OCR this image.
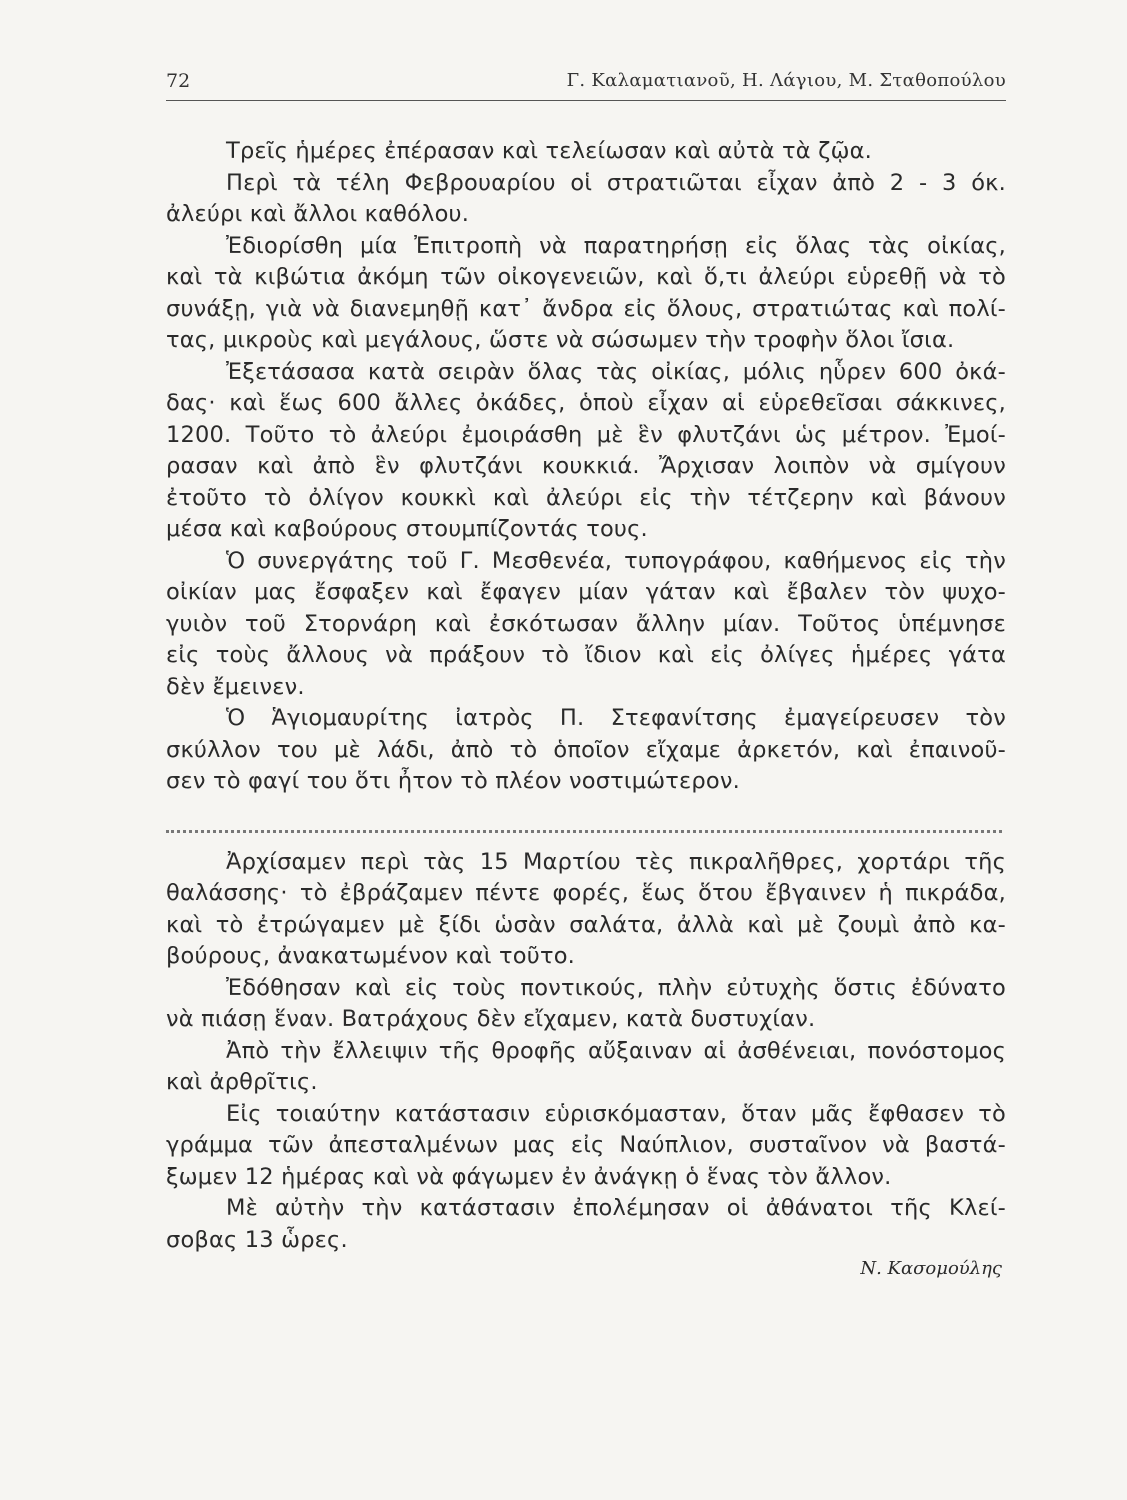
72	Γ. Καλαματιανοῦ, Η. Λάγιου, Μ. Σταθοπούλου
Τρεῖς ἡμέρες ἐπέρασαν καὶ τελείωσαν καὶ αὐτὰ τὰ ζῷα.
Περὶ τὰ τέλη Φεβρουαρίου οἱ στρατιῶται εἶχαν ἀπὸ 2 - 3 όκ.
ἀλεύρι καὶ ἄλλοι καθόλου.
Ἐδιορίσθη μία Ἐπιτροπὴ νὰ παρατηρήσῃ εἰς ὅλας τὰς οἰκίας,
καὶ τὰ κιβώτια ἀκόμη τῶν οἰκογενειῶν, καὶ ὅ,τι ἀλεύρι εὑρεθῇ νὰ τὸ
συνάξῃ, γιὰ νὰ διανεμηθῇ κατ᾽ ἄνδρα εἰς ὅλους, στρατιώτας καὶ πολί-
τας, μικροὺς καὶ μεγάλους, ὥστε νὰ σώσωμεν τὴν τροφὴν ὅλοι ἴσια.
Ἐξετάσασα κατὰ σειρὰν ὅλας τὰς οἰκίας, μόλις ηὗρεν 600 ὀκά-
δας· καὶ ἕως 600 ἄλλες ὀκάδες, ὁποὺ εἶχαν αἱ εὑρεθεῖσαι σάκκινες,
1200. Τοῦτο τὸ ἀλεύρι ἐμοιράσθη μὲ ἓν φλυτζάνι ὡς μέτρον. Ἐμοί-
ρασαν καὶ ἀπὸ ἓν φλυτζάνι κουκκιά. Ἄρχισαν λοιπὸν νὰ σμίγουν
ἐτοῦτο τὸ ὀλίγον κουκκὶ καὶ ἀλεύρι εἰς τὴν τέτζερην καὶ βάνουν
μέσα καὶ καβούρους στουμπίζοντάς τους.
Ὁ συνεργάτης τοῦ Γ. Μεσθενέα, τυπογράφου, καθήμενος εἰς τὴν
οἰκίαν μας ἔσφαξεν καὶ ἔφαγεν μίαν γάταν καὶ ἔβαλεν τὸν ψυχο-
γυιὸν τοῦ Στορνάρη καὶ ἐσκότωσαν ἄλλην μίαν. Τοῦτος ὑπέμνησε
εἰς τοὺς ἄλλους νὰ πράξουν τὸ ἴδιον καὶ εἰς ὀλίγες ἡμέρες γάτα
δὲν ἔμεινεν.
Ὁ Ἁγιομαυρίτης ἰατρὸς Π. Στεφανίτσης ἐμαγείρευσεν τὸν
σκύλλον του μὲ λάδι, ἀπὸ τὸ ὁποῖον εἴχαμε ἀρκετόν, καὶ ἐπαινοῦ-
σεν τὸ φαγί του ὅτι ἦτον τὸ πλέον νοστιμώτερον.
Ἀρχίσαμεν περὶ τὰς 15 Μαρτίου τὲς πικραλῆθρες, χορτάρι τῆς
θαλάσσης· τὸ ἐβράζαμεν πέντε φορές, ἕως ὅτου ἔβγαινεν ἡ πικράδα,
καὶ τὸ ἐτρώγαμεν μὲ ξίδι ὡσὰν σαλάτα, ἀλλὰ καὶ μὲ ζουμὶ ἀπὸ κα-
βούρους, ἀνακατωμένον καὶ τοῦτο.
Ἐδόθησαν καὶ εἰς τοὺς ποντικούς, πλὴν εὐτυχὴς ὅστις ἐδύνατο
νὰ πιάσῃ ἕναν. Βατράχους δὲν εἴχαμεν, κατὰ δυστυχίαν.
Ἀπὸ τὴν ἔλλειψιν τῆς θροφῆς αὔξαιναν αἱ ἀσθένειαι, πονόστομος
καὶ ἀρθρῖτις.
Εἰς τοιαύτην κατάστασιν εὑρισκόμασταν, ὅταν μᾶς ἔφθασεν τὸ
γράμμα τῶν ἀπεσταλμένων μας εἰς Ναύπλιον, συσταῖνον νὰ βαστά-
ξωμεν 12 ἡμέρας καὶ νὰ φάγωμεν ἐν ἀνάγκῃ ὁ ἕνας τὸν ἄλλον.
Μὲ αὐτὴν τὴν κατάστασιν ἐπολέμησαν οἱ ἀθάνατοι τῆς Κλεί-
σοβας 13 ὧρες.
Ν. Κασομούλης
